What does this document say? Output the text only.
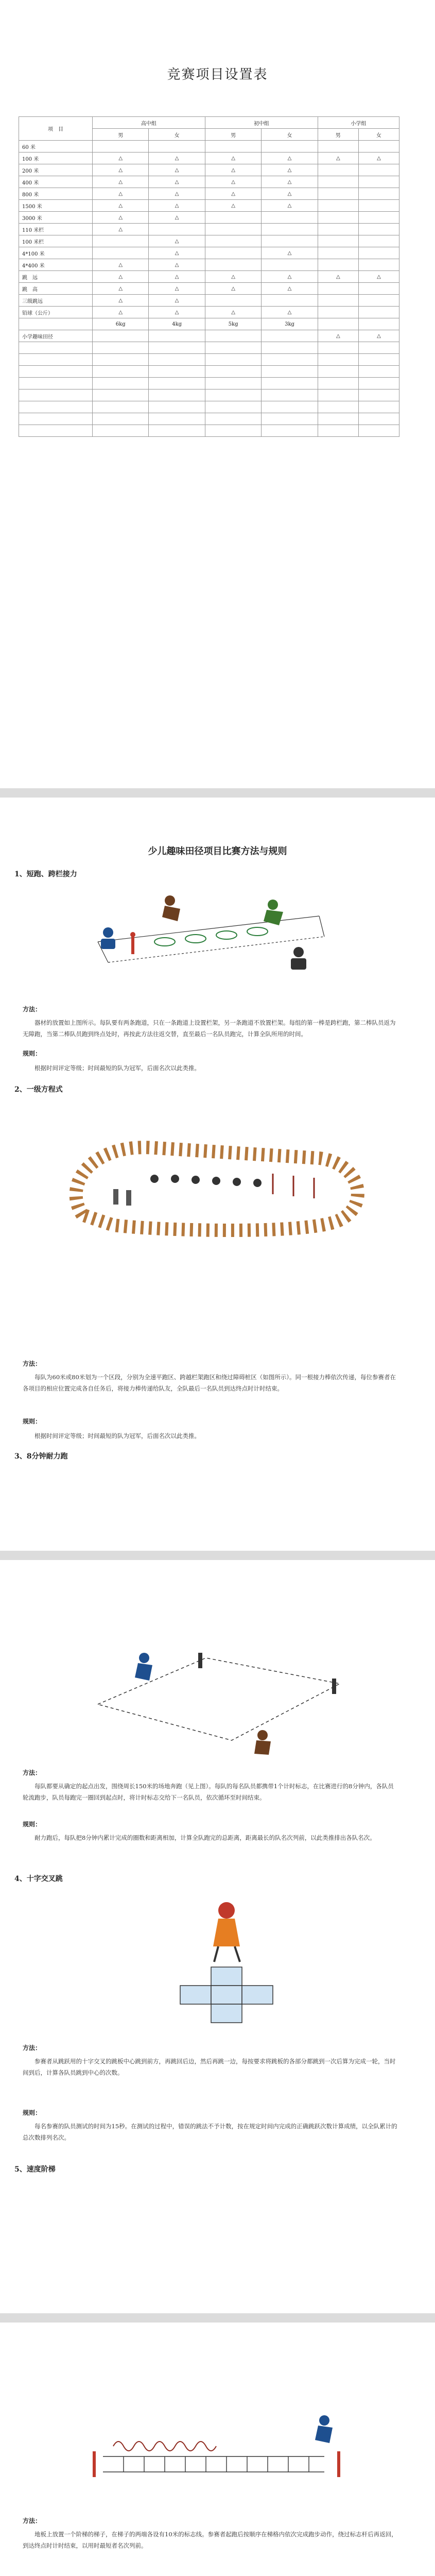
竞赛项目设置表
项　目	高中组		初中组		小学组	
	男	女	男	女	男	女
60 米						
100 米	△	△	△	△	△	△
200 米	△	△	△	△		
400 米	△	△	△	△		
800 米	△	△	△	△		
1500 米	△	△	△	△		
3000 米	△	△				
110 米栏	△					
100 米栏		△				
4*100 米		△		△		
4*400 米	△	△				
跳　远	△	△	△	△	△	△
跳　高	△	△	△	△		
三级跳远	△	△				
铅球（公斤）	△	△	△	△		
	6kg	4kg	5kg	3kg		
小学趣味田径					△	△

少儿趣味田径项目比赛方法与规则
1、短跑、跨栏接力
方法：
器材的放置如上图所示。每队要有两条跑道，只在一条跑道上设置栏架，另一条跑道不放置栏架。每组的第一棒是跨栏跑，第二棒队员返为无障跑，当第二棒队员跑到终点处时，再按此方法往返交替，直至最后一名队员跑完，计算全队所用的时间。
规则：
根据时间评定等级；时间最短的队为冠军，后面名次以此类推。
2、一级方程式
方法：
每队为60米或80米划为一个区段，分别为全速平跑区、跨越栏架跑区和绕过障碍桩区（如图所示）。同一根接力棒依次传递，每位参赛者在各项目的相应位置完成各自任务后，将接力棒传递给队友，全队最后一名队员到达终点时计时结束。
规则：
根据时间评定等级；时间最短的队为冠军，后面名次以此类推。
3、8分钟耐力跑
方法：
每队都要从确定的起点出发，围绕周长150米的场地奔跑（见上图）。每队的每名队员都携带1个计时标志，在比赛进行的8分钟内，各队员轮流跑步，队员每跑完一圈回到起点时，将计时标志交给下一名队员，依次循环至时间结束。
规则：
耐力跑后，每队把8分钟内累计完成的圈数和距离相加，计算全队跑完的总距离，距离最长的队名次列前，以此类推排出各队名次。
4、十字交叉跳
方法：
参赛者从跳跃用的十字交叉的跳板中心跳到前方，再跳回后边，然后再跳一边，每按要求将跳板的各部分都跳到一次后算为完成一轮，当时间到后，计算各队员跳到中心的次数。
规则：
每名参赛的队员测试的时间为15秒。在测试的过程中，错误的跳法不予计数，按在规定时间内完成的正确跳跃次数计算成绩，以全队累计的总次数排列名次。
5、速度阶梯
方法：
地板上放置一个阶梯的梯子，在梯子的两端各设有10米的标志线。参赛者起跑后按顺序在梯格内依次完成跑步动作，绕过标志杆后再返回，到达终点时计时结束，以用时最短者名次列前。
